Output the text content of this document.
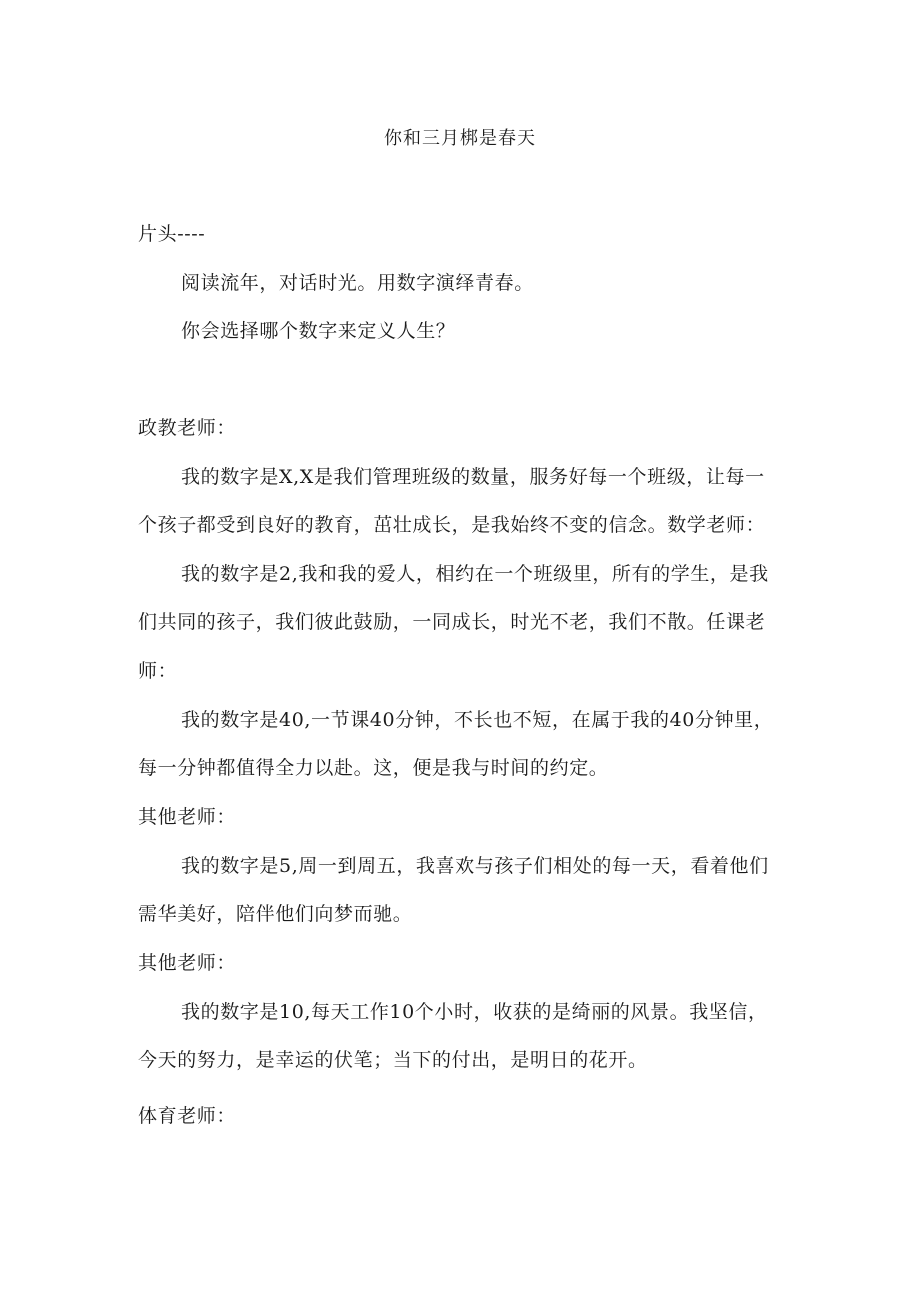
你和三月梆是春天
片头----
阅读流年，对话时光。用数字演绎青春。
你会选择哪个数字来定义人生？
政教老师：
我的数字是X,X是我们管理班级的数量，服务好每一个班级，让每一
个孩子都受到良好的教育，茁壮成长，是我始终不变的信念。数学老师：
我的数字是2,我和我的爱人，相约在一个班级里，所有的学生，是我
们共同的孩子，我们彼此鼓励，一同成长，时光不老，我们不散。任课老
师：
我的数字是40,一节课40分钟，不长也不短，在属于我的40分钟里，
每一分钟都值得全力以赴。这，便是我与时间的约定。
其他老师：
我的数字是5,周一到周五，我喜欢与孩子们相处的每一天，看着他们
需华美好，陪伴他们向梦而驰。
其他老师：
我的数字是10,每天工作10个小时，收获的是绮丽的风景。我坚信，
今天的努力，是幸运的伏笔；当下的付出，是明日的花开。
体育老师：
